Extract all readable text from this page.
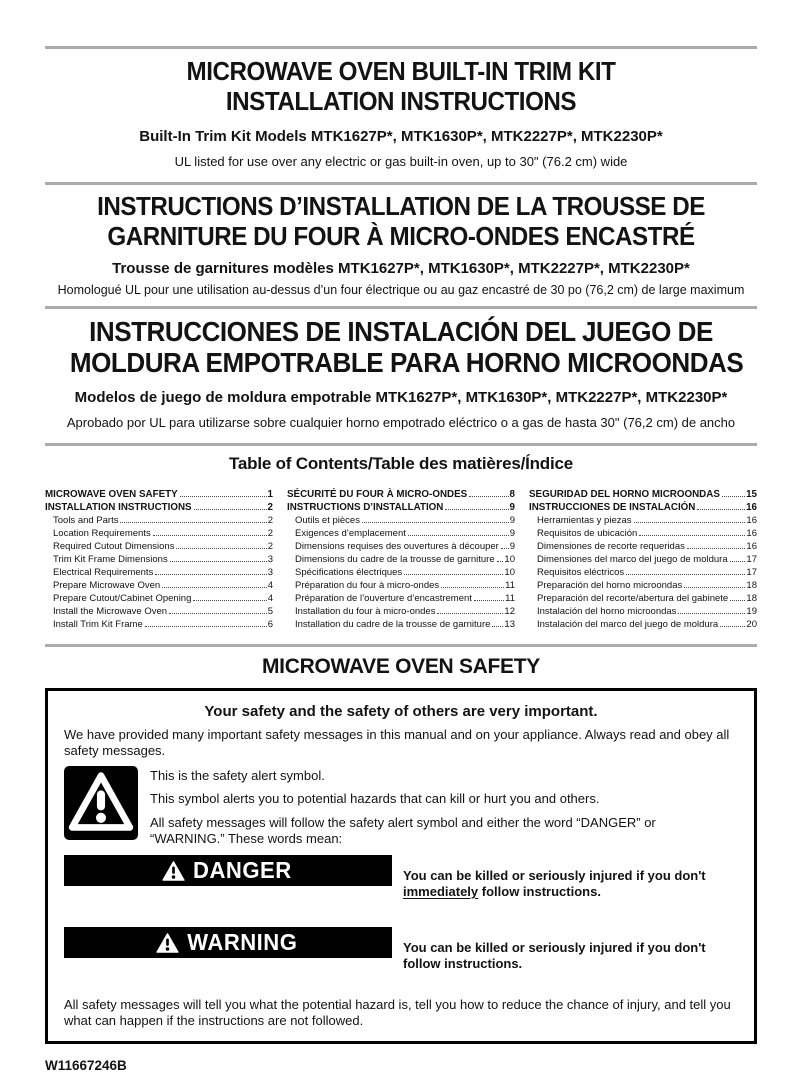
MICROWAVE OVEN BUILT-IN TRIM KIT
INSTALLATION INSTRUCTIONS
Built-In Trim Kit Models MTK1627P*, MTK1630P*, MTK2227P*, MTK2230P*
UL listed for use over any electric or gas built-in oven, up to 30" (76.2 cm) wide
INSTRUCTIONS D’INSTALLATION DE LA TROUSSE DE
GARNITURE DU FOUR À MICRO-ONDES ENCASTRÉ
Trousse de garnitures modèles MTK1627P*, MTK1630P*, MTK2227P*, MTK2230P*
Homologué UL pour une utilisation au-dessus d’un four électrique ou au gaz encastré de 30 po (76,2 cm) de large maximum
INSTRUCCIONES DE INSTALACIÓN DEL JUEGO DE
MOLDURA EMPOTRABLE PARA HORNO MICROONDAS
Modelos de juego de moldura empotrable MTK1627P*, MTK1630P*, MTK2227P*, MTK2230P*
Aprobado por UL para utilizarse sobre cualquier horno empotrado eléctrico o a gas de hasta 30" (76,2 cm) de ancho
Table of Contents/Table des matières/Índice
MICROWAVE OVEN SAFETY	1
INSTALLATION INSTRUCTIONS	2
Tools and Parts	2
Location Requirements	2
Required Cutout Dimensions	2
Trim Kit Frame Dimensions	3
Electrical Requirements	3
Prepare Microwave Oven	4
Prepare Cutout/Cabinet Opening	4
Install the Microwave Oven	5
Install Trim Kit Frame	6
SÉCURITÉ DU FOUR À MICRO-ONDES	8
INSTRUCTIONS D’INSTALLATION	9
Outils et pièces	9
Exigences d’emplacement	9
Dimensions requises des ouvertures à découper 9
Dimensions du cadre de la trousse de garniture 10
Spécifications électriques	10
Préparation du four à micro-ondes	11
Préparation de l’ouverture d’encastrement	11
Installation du four à micro-ondes	12
Installation du cadre de la trousse de garniture 13
SEGURIDAD DEL HORNO MICROONDAS	15
INSTRUCCIONES DE INSTALACIÓN	16
Herramientas y piezas	16
Requisitos de ubicación	16
Dimensiones de recorte requeridas	16
Dimensiones del marco del juego de moldura 17
Requisitos eléctricos	17
Preparación del horno microondas	18
Preparación del recorte/abertura del gabinete 18
Instalación del horno microondas	19
Instalación del marco del juego de moldura	20
MICROWAVE OVEN SAFETY
Your safety and the safety of others are very important.

We have provided many important safety messages in this manual and on your appliance. Always read and obey all safety messages.

This is the safety alert symbol.

This symbol alerts you to potential hazards that can kill or hurt you and others.

All safety messages will follow the safety alert symbol and either the word “DANGER” or “WARNING.” These words mean:

DANGER	You can be killed or seriously injured if you don't immediately follow instructions.

WARNING	You can be killed or seriously injured if you don't follow instructions.

All safety messages will tell you what the potential hazard is, tell you how to reduce the chance of injury, and tell you what can happen if the instructions are not followed.

W11667246B
